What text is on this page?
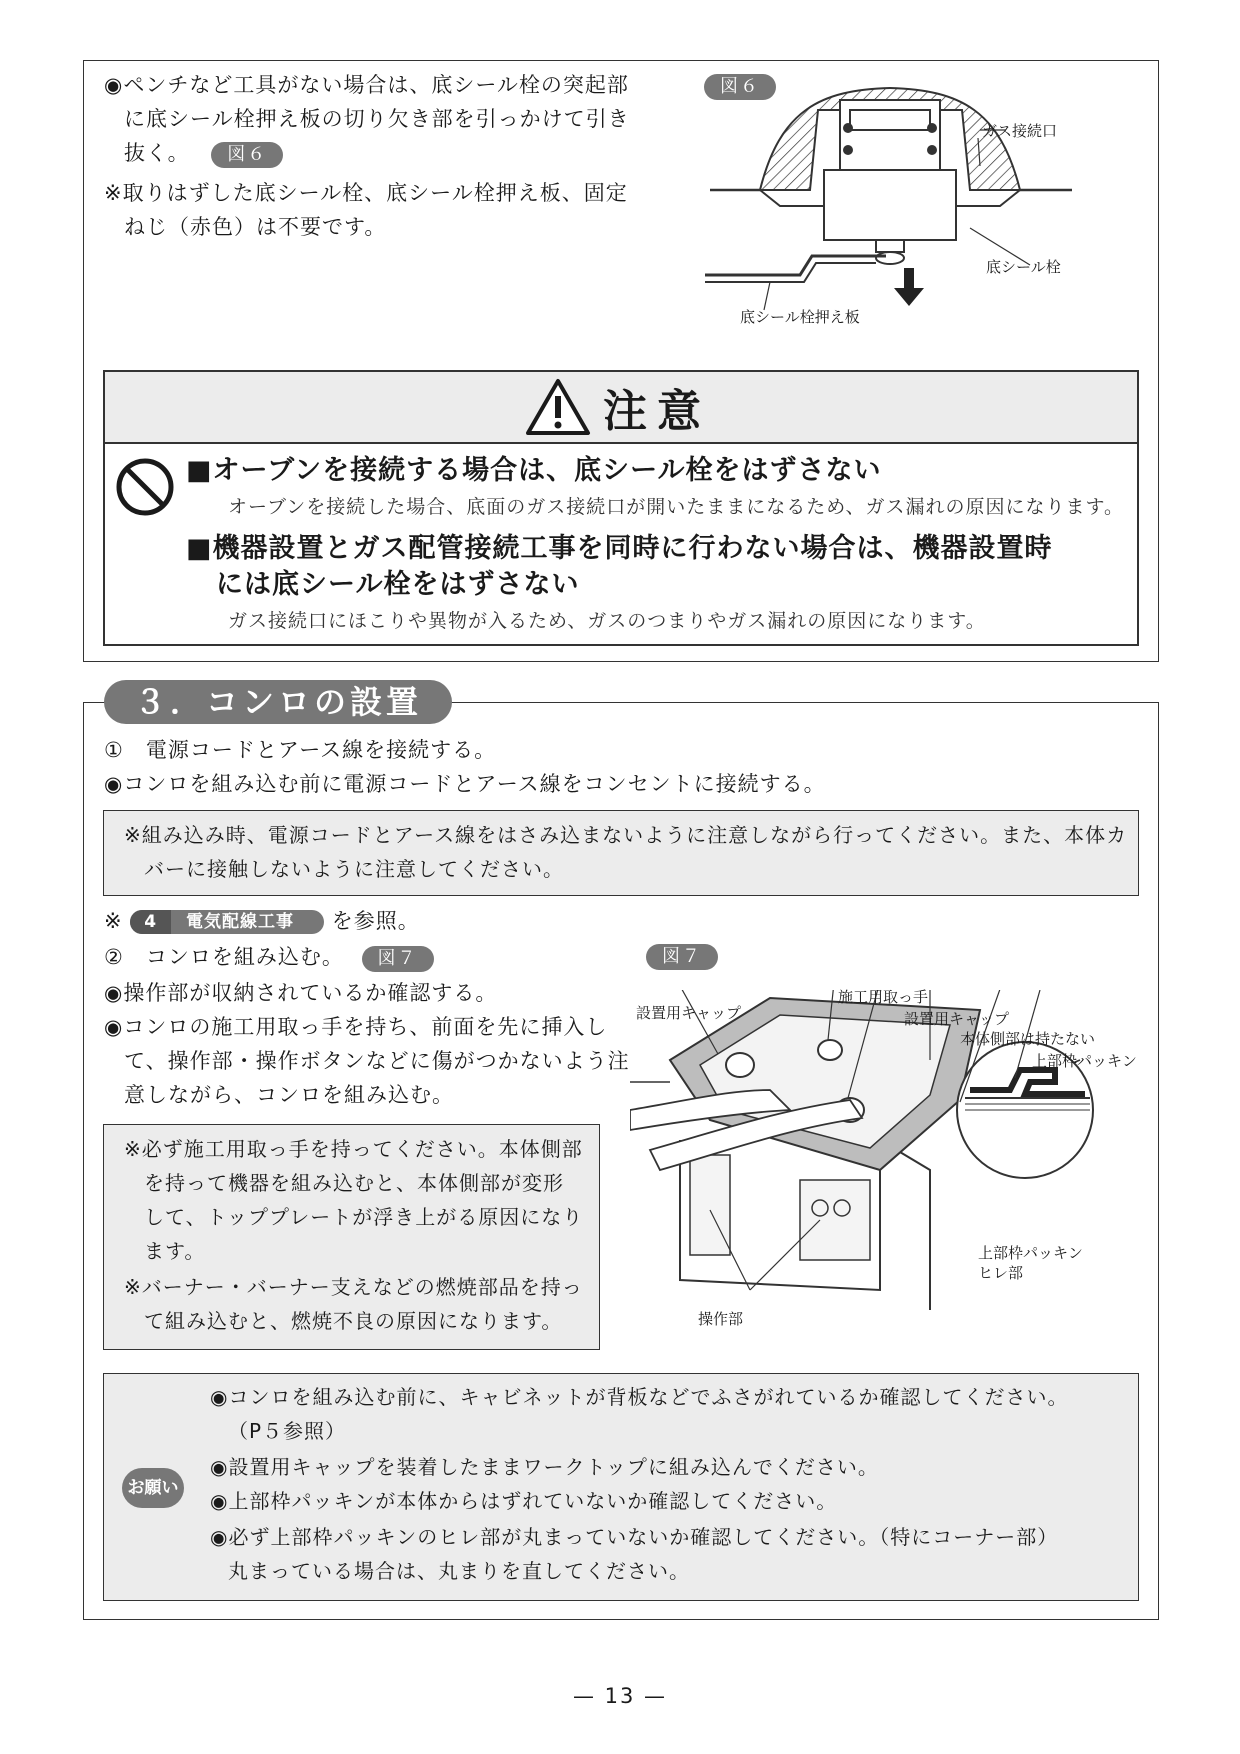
◉ペンチなど工具がない場合は、底シール栓の突起部
に底シール栓押え板の切り欠き部を引っかけて引き
抜く。 図６
※取りはずした底シール栓、底シール栓押え板、固定
ねじ（赤色）は不要です。
図６
ガス接続口
底シール栓
底シール栓押え板
注意
■オーブンを接続する場合は、底シール栓をはずさない
オーブンを接続した場合、底面のガス接続口が開いたままになるため、ガス漏れの原因になります。
■機器設置とガス配管接続工事を同時に行わない場合は、機器設置時
には底シール栓をはずさない
ガス接続口にほこりや異物が入るため、ガスのつまりやガス漏れの原因になります。
３．コンロの設置
①　電源コードとアース線を接続する。
◉コンロを組み込む前に電源コードとアース線をコンセントに接続する。
※組み込み時、電源コードとアース線をはさみ込まないように注意しながら行ってください。また、本体カ
バーに接触しないように注意してください。
※ 4 電気配線工事 を参照。
②　コンロを組み込む。 図７
◉操作部が収納されているか確認する。
◉コンロの施工用取っ手を持ち、前面を先に挿入し
て、操作部・操作ボタンなどに傷がつかないよう注
意しながら、コンロを組み込む。
※必ず施工用取っ手を持ってください。本体側部
を持って機器を組み込むと、本体側部が変形
して、トッププレートが浮き上がる原因になり
ます。
※バーナー・バーナー支えなどの燃焼部品を持っ
て組み込むと、燃焼不良の原因になります。
図７
設置用キャップ
施工用取っ手
設置用キャップ
本体側部は持たない
上部枠パッキン
上部枠パッキン
ヒレ部
操作部
お願い
◉コンロを組み込む前に、キャビネットが背板などでふさがれているか確認してください。
（P５参照）
◉設置用キャップを装着したままワークトップに組み込んでください。
◉上部枠パッキンが本体からはずれていないか確認してください。
◉必ず上部枠パッキンのヒレ部が丸まっていないか確認してください。（特にコーナー部）
丸まっている場合は、丸まりを直してください。
— 13 —
